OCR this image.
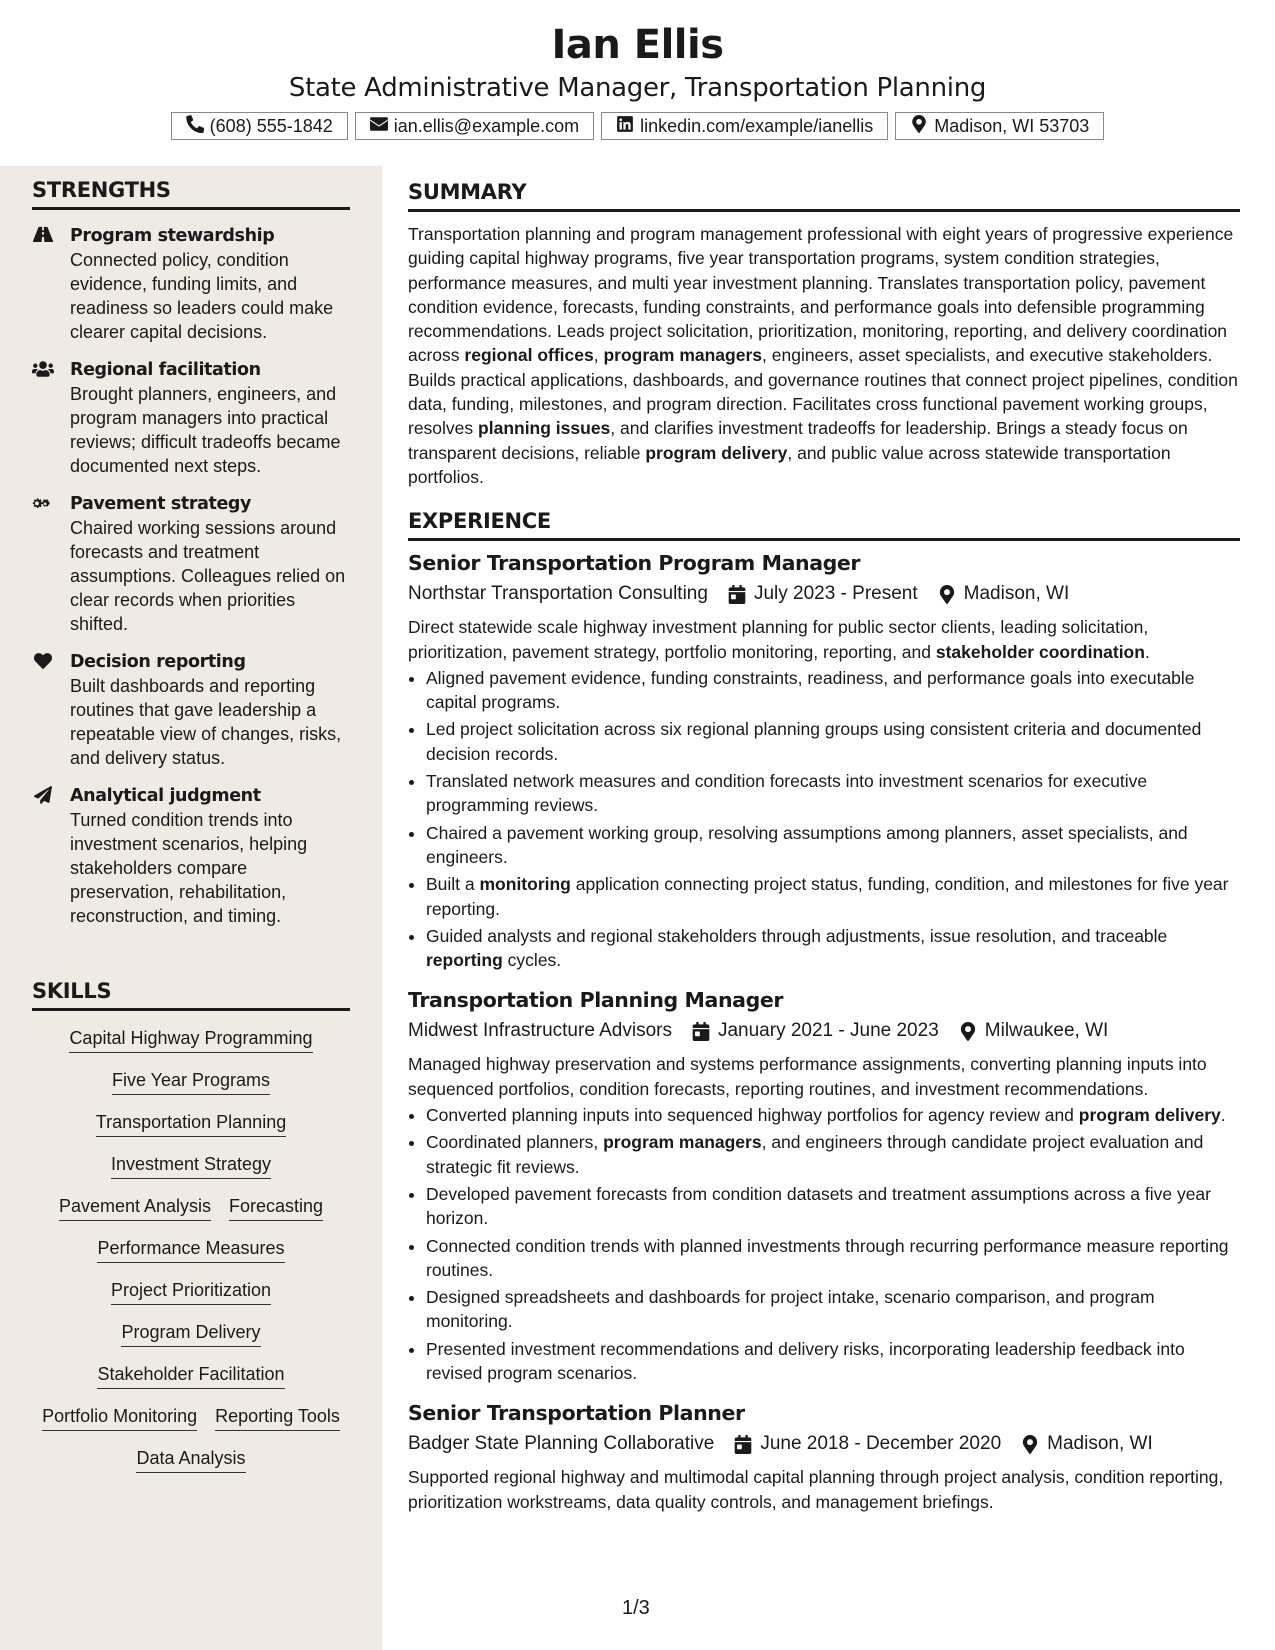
Ian Ellis
State Administrative Manager, Transportation Planning
(608) 555-1842	ian.ellis@example.com	linkedin.com/example/ianellis	Madison, WI 53703
STRENGTHS
Program stewardship
Connected policy, condition evidence, funding limits, and readiness so leaders could make clearer capital decisions.
Regional facilitation
Brought planners, engineers, and program managers into practical reviews; difficult tradeoffs became documented next steps.
Pavement strategy
Chaired working sessions around forecasts and treatment assumptions. Colleagues relied on clear records when priorities shifted.
Decision reporting
Built dashboards and reporting routines that gave leadership a repeatable view of changes, risks, and delivery status.
Analytical judgment
Turned condition trends into investment scenarios, helping stakeholders compare preservation, rehabilitation, reconstruction, and timing.
SKILLS
Capital Highway Programming
Five Year Programs
Transportation Planning
Investment Strategy
Pavement Analysis Forecasting
Performance Measures
Project Prioritization
Program Delivery
Stakeholder Facilitation
Portfolio Monitoring Reporting Tools
Data Analysis
SUMMARY
Transportation planning and program management professional with eight years of progressive experience guiding capital highway programs, five year transportation programs, system condition strategies, performance measures, and multi year investment planning. Translates transportation policy, pavement condition evidence, forecasts, funding constraints, and performance goals into defensible programming recommendations. Leads project solicitation, prioritization, monitoring, reporting, and delivery coordination across regional offices, program managers, engineers, asset specialists, and executive stakeholders. Builds practical applications, dashboards, and governance routines that connect project pipelines, condition data, funding, milestones, and program direction. Facilitates cross functional pavement working groups, resolves planning issues, and clarifies investment tradeoffs for leadership. Brings a steady focus on transparent decisions, reliable program delivery, and public value across statewide transportation portfolios.
EXPERIENCE
Senior Transportation Program Manager
Northstar Transportation Consulting July 2023 - Present Madison, WI
Direct statewide scale highway investment planning for public sector clients, leading solicitation, prioritization, pavement strategy, portfolio monitoring, reporting, and stakeholder coordination.
• Aligned pavement evidence, funding constraints, readiness, and performance goals into executable capital programs.
• Led project solicitation across six regional planning groups using consistent criteria and documented decision records.
• Translated network measures and condition forecasts into investment scenarios for executive programming reviews.
• Chaired a pavement working group, resolving assumptions among planners, asset specialists, and engineers.
• Built a monitoring application connecting project status, funding, condition, and milestones for five year reporting.
• Guided analysts and regional stakeholders through adjustments, issue resolution, and traceable reporting cycles.
Transportation Planning Manager
Midwest Infrastructure Advisors January 2021 - June 2023 Milwaukee, WI
Managed highway preservation and systems performance assignments, converting planning inputs into sequenced portfolios, condition forecasts, reporting routines, and investment recommendations.
• Converted planning inputs into sequenced highway portfolios for agency review and program delivery.
• Coordinated planners, program managers, and engineers through candidate project evaluation and strategic fit reviews.
• Developed pavement forecasts from condition datasets and treatment assumptions across a five year horizon.
• Connected condition trends with planned investments through recurring performance measure reporting routines.
• Designed spreadsheets and dashboards for project intake, scenario comparison, and program monitoring.
• Presented investment recommendations and delivery risks, incorporating leadership feedback into revised program scenarios.
Senior Transportation Planner
Badger State Planning Collaborative June 2018 - December 2020 Madison, WI
Supported regional highway and multimodal capital planning through project analysis, condition reporting, prioritization workstreams, data quality controls, and management briefings.
1/3
